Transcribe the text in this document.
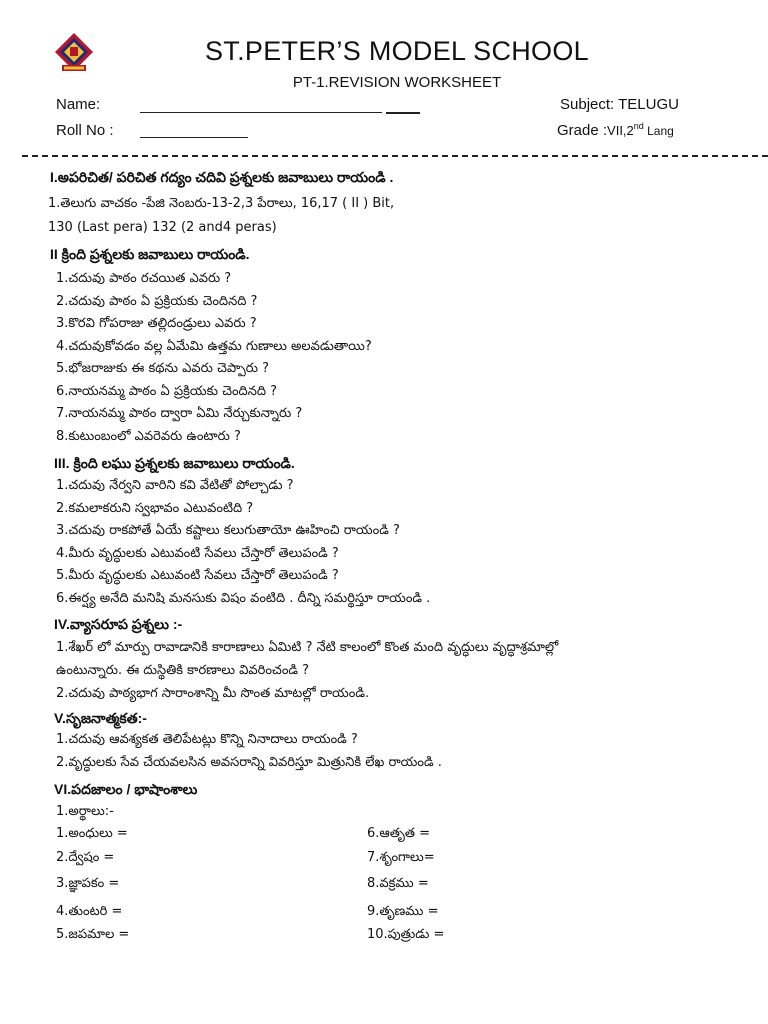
ST.PETER’S MODEL SCHOOL
PT-1.REVISION WORKSHEET
Name:	Subject: TELUGU
Roll No :	Grade :VII,2nd Lang
I.అపరిచిత/ పరిచిత గద్యం చదివి ప్రశ్నలకు జవాబులు రాయండి .
1.తెలుగు వాచకం -పేజి నెంబరు-13-2,3 పేరాలు, 16,17 ( II ) Bit,
130 (Last pera) 132 (2 and4 peras)
II క్రింది ప్రశ్నలకు జవాబులు రాయండి.
1.చదువు పాఠం రచయిత ఎవరు ?
2.చదువు పాఠం ఏ ప్రక్రియకు చెందినది ?
3.కొరవి గోపరాజు తల్లిదండ్రులు ఎవరు ?
4.చదువుకోవడం వల్ల ఏమేమి ఉత్తమ గుణాలు అలవడుతాయి?
5.భోజరాజుకు ఈ కథను ఎవరు చెప్పారు ?
6.నాయనమ్మ పాఠం ఏ ప్రక్రియకు చెందినది ?
7.నాయనమ్మ పాఠం ద్వారా ఏమి నేర్చుకున్నారు ?
8.కుటుంబంలో ఎవరెవరు ఉంటారు ?
III. క్రింది లఘు ప్రశ్నలకు జవాబులు రాయండి.
1.చదువు నేర్వని వారిని కవి వేటితో పోల్చాడు ?
2.కమలాకరుని స్వభావం ఎటువంటిది ?
3.చదువు రాకపోతే ఏయే కష్టాలు కలుగుతాయో ఊహించి రాయండి ?
4.మీరు వృద్ధులకు ఎటువంటి సేవలు చేస్తారో తెలుపండి ?
5.మీరు వృద్ధులకు ఎటువంటి సేవలు చేస్తారో తెలుపండి ?
6.ఈర్ష్య అనేది మనిషి మనసుకు విషం వంటిది . దీన్ని సమర్థిస్తూ రాయండి .
IV.వ్యాసరూప ప్రశ్నలు :-
1.శేఖర్ లో మార్పు రావాడానికి కారాణాలు ఏమిటి ? నేటి కాలంలో కొంత మంది వృద్ధులు వృద్ధాశ్రమాల్లో
ఉంటున్నారు. ఈ దుస్థితికి కారణాలు వివరించండి ?
2.చదువు పాఠ్యభాగ సారాంశాన్ని మీ సొంత మాటల్లో రాయండి.
V.సృజనాత్మకత:-
1.చదువు ఆవశ్యకత తెలిపేటట్లు కొన్ని నినాదాలు రాయండి ?
2.వృద్ధులకు సేవ చేయవలసిన అవసరాన్ని వివరిస్తూ మిత్రునికి లేఖ రాయండి .
VI.పదజాలం / భాషాంశాలు
1.అర్థాలు:-
1.అంధులు =
2.ద్వేషం =
3.జ్ఞాపకం =
4.తుంటరి =
5.జపమాల =
6.ఆతృత =
7.శృంగాలు=
8.వక్రము =
9.తృణము =
10.పుత్రుడు =
